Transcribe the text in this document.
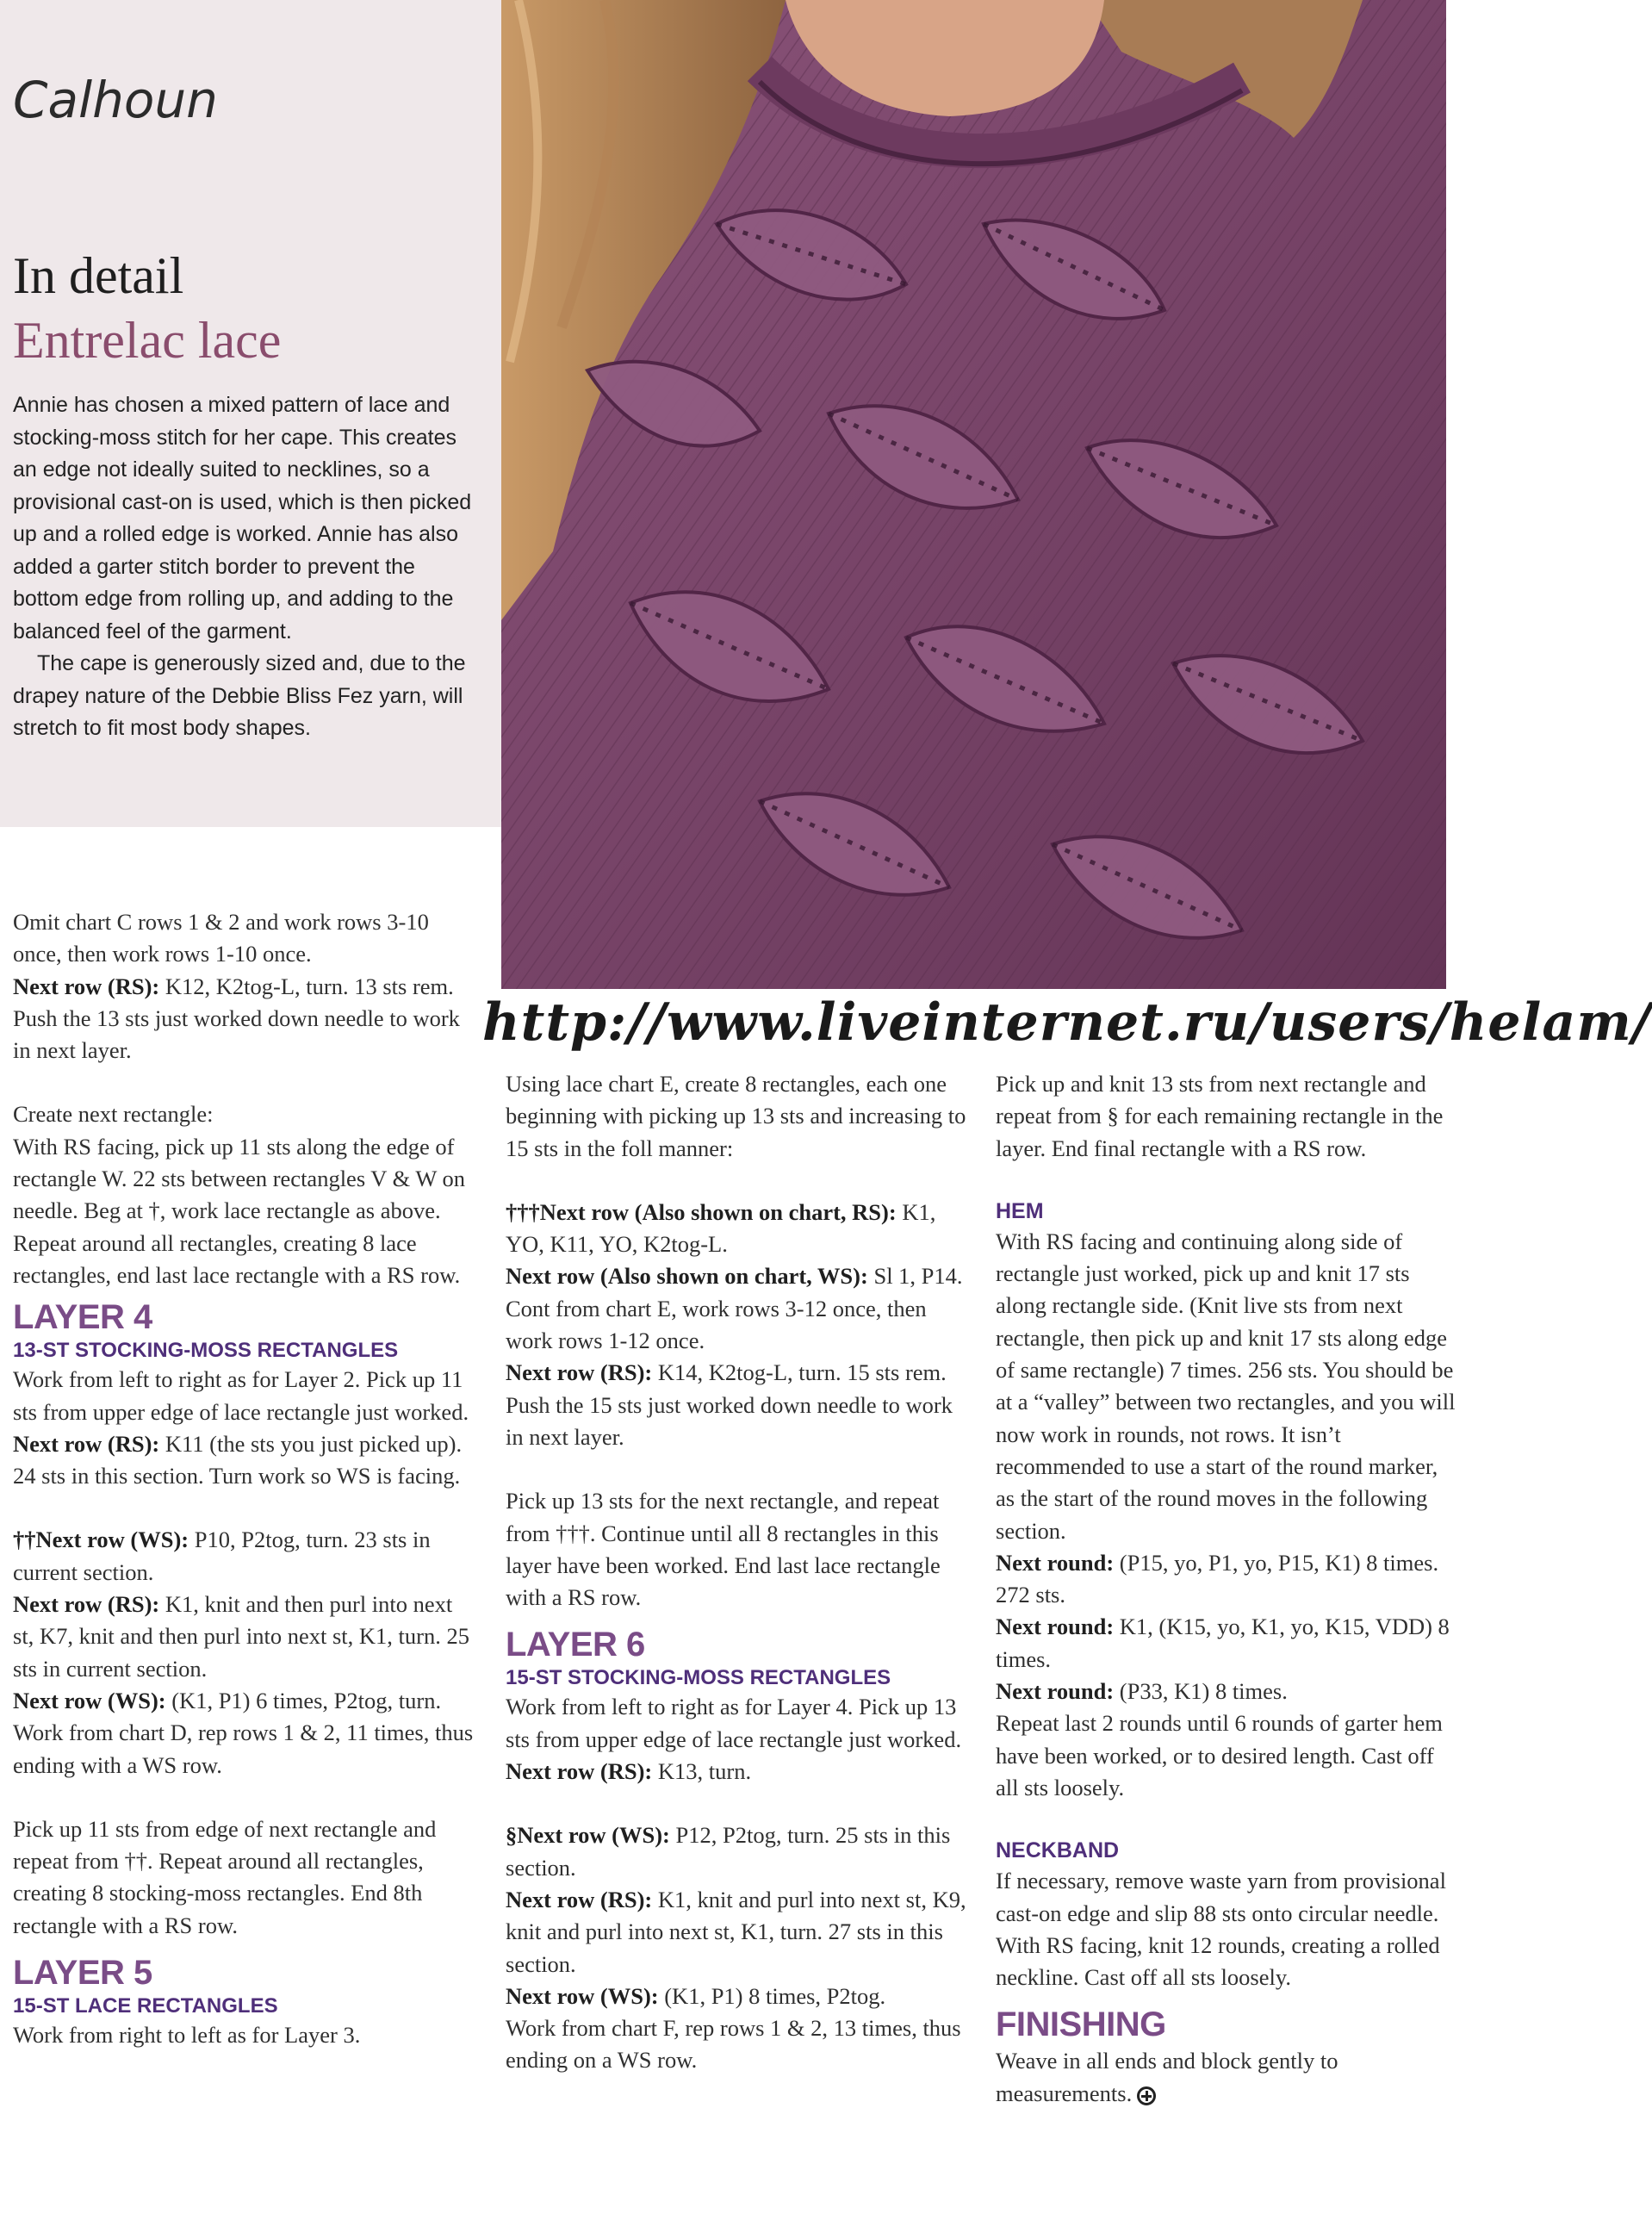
Calhoun
In detail
Entrelac lace

Annie has chosen a mixed pattern of lace and stocking-moss stitch for her cape. This creates an edge not ideally suited to necklines, so a provisional cast-on is used, which is then picked up and a rolled edge is worked. Annie has also added a garter stitch border to prevent the bottom edge from rolling up, and adding to the balanced feel of the garment.

The cape is generously sized and, due to the drapey nature of the Debbie Bliss Fez yarn, will stretch to fit most body shapes.

http://www.liveinternet.ru/users/helam/

Omit chart C rows 1 & 2 and work rows 3-10 once, then work rows 1-10 once.

Next row (RS): K12, K2tog-L, turn. 13 sts rem. Push the 13 sts just worked down needle to work in next layer.

Create next rectangle:

With RS facing, pick up 11 sts along the edge of rectangle W. 22 sts between rectangles V & W on needle. Beg at †, work lace rectangle as above. Repeat around all rectangles, creating 8 lace rectangles, end last lace rectangle with a RS row.

LAYER 4
13-ST STOCKING-MOSS RECTANGLES

Work from left to right as for Layer 2. Pick up 11 sts from upper edge of lace rectangle just worked.

Next row (RS): K11 (the sts you just picked up). 24 sts in this section. Turn work so WS is facing.

††Next row (WS): P10, P2tog, turn. 23 sts in current section.

Next row (RS): K1, knit and then purl into next st, K7, knit and then purl into next st, K1, turn. 25 sts in current section.

Next row (WS): (K1, P1) 6 times, P2tog, turn. Work from chart D, rep rows 1 & 2, 11 times, thus ending with a WS row.

Pick up 11 sts from edge of next rectangle and repeat from ††. Repeat around all rectangles, creating 8 stocking-moss rectangles. End 8th rectangle with a RS row.

LAYER 5
15-ST LACE RECTANGLES

Work from right to left as for Layer 3.

Using lace chart E, create 8 rectangles, each one beginning with picking up 13 sts and increasing to 15 sts in the foll manner:

†††Next row (Also shown on chart, RS): K1, YO, K11, YO, K2tog-L.

Next row (Also shown on chart, WS): Sl 1, P14.

Cont from chart E, work rows 3-12 once, then work rows 1-12 once.

Next row (RS): K14, K2tog-L, turn. 15 sts rem.

Push the 15 sts just worked down needle to work in next layer.

Pick up 13 sts for the next rectangle, and repeat from †††. Continue until all 8 rectangles in this layer have been worked. End last lace rectangle with a RS row.

LAYER 6
15-ST STOCKING-MOSS RECTANGLES

Work from left to right as for Layer 4. Pick up 13 sts from upper edge of lace rectangle just worked.

Next row (RS): K13, turn.

§Next row (WS): P12, P2tog, turn. 25 sts in this section.

Next row (RS): K1, knit and purl into next st, K9, knit and purl into next st, K1, turn. 27 sts in this section.

Next row (WS): (K1, P1) 8 times, P2tog.

Work from chart F, rep rows 1 & 2, 13 times, thus ending on a WS row.

Pick up and knit 13 sts from next rectangle and repeat from § for each remaining rectangle in the layer. End final rectangle with a RS row.

HEM

With RS facing and continuing along side of rectangle just worked, pick up and knit 17 sts along rectangle side. (Knit live sts from next rectangle, then pick up and knit 17 sts along edge of same rectangle) 7 times. 256 sts. You should be at a “valley” between two rectangles, and you will now work in rounds, not rows. It isn’t recommended to use a start of the round marker, as the start of the round moves in the following section.

Next round: (P15, yo, P1, yo, P15, K1) 8 times. 272 sts.

Next round: K1, (K15, yo, K1, yo, K15, VDD) 8 times.

Next round: (P33, K1) 8 times.

Repeat last 2 rounds until 6 rounds of garter hem have been worked, or to desired length. Cast off all sts loosely.

NECKBAND

If necessary, remove waste yarn from provisional cast-on edge and slip 88 sts onto circular needle. With RS facing, knit 12 rounds, creating a rolled neckline. Cast off all sts loosely.

FINISHING

Weave in all ends and block gently to measurements.
